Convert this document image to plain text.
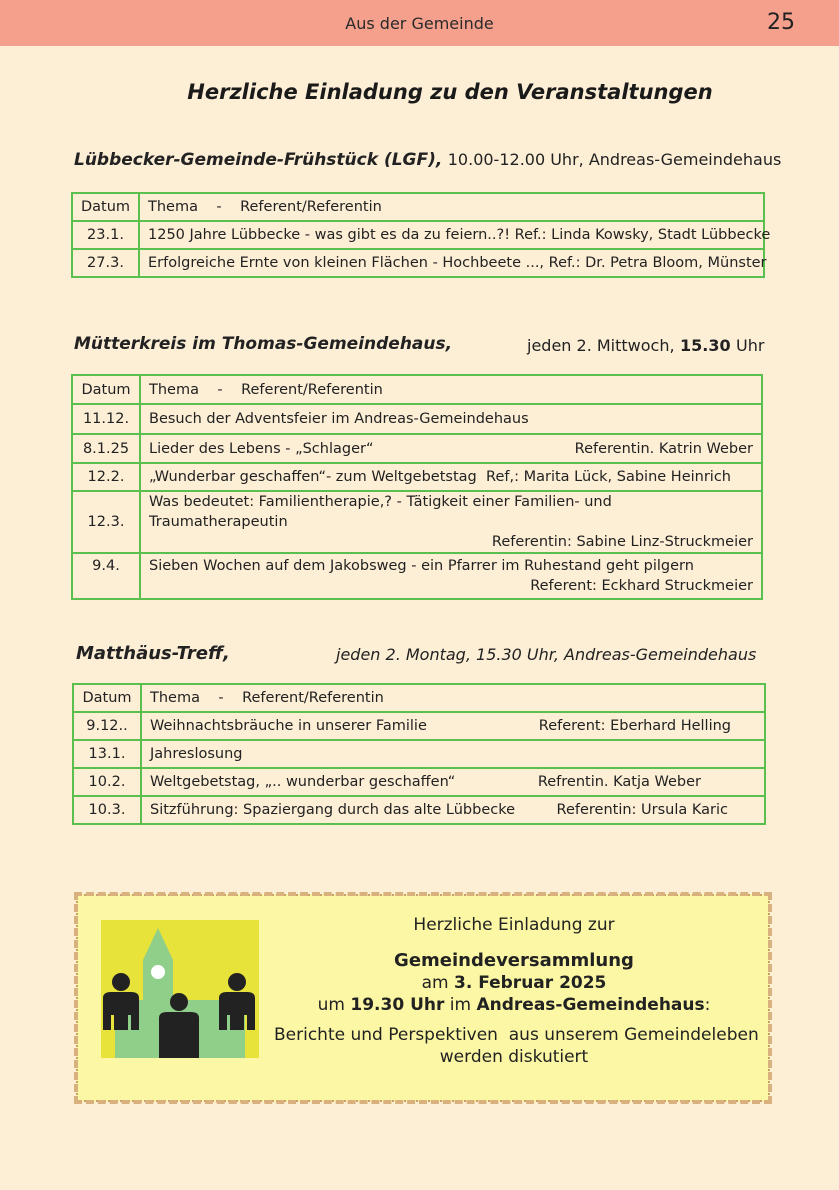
Aus der Gemeinde	25
Herzliche Einladung zu den Veranstaltungen
Lübbecker-Gemeinde-Frühstück (LGF), 10.00-12.00 Uhr, Andreas-Gemeindehaus
Datum	Thema    -    Referent/Referentin
23.1.	1250 Jahre Lübbecke - was gibt es da zu feiern..?! Ref.: Linda Kowsky, Stadt Lübbecke
27.3.	Erfolgreiche Ernte von kleinen Flächen - Hochbeete ..., Ref.: Dr. Petra Bloom, Münster
Mütterkreis im Thomas-Gemeindehaus,	jeden 2. Mittwoch, 15.30 Uhr
Datum	Thema    -    Referent/Referentin
11.12.	Besuch der Adventsfeier im Andreas-Gemeindehaus
8.1.25	Lieder des Lebens - „Schlager“ Referentin. Katrin Weber

12.2.	„Wunderbar geschaffen“- zum Weltgebetstag Ref,: Marita Lück, Sabine Heinrich

12.3.	Was bedeutet: Familientherapie,? - Tätigkeit einer Familien- und Traumatherapeutin
Referentin: Sabine Linz-Struckmeier

9.4.	Sieben Wochen auf dem Jakobsweg - ein Pfarrer im Ruhestand geht pilgern
Referent: Eckhard Struckmeier
Matthäus-Treff,	jeden 2. Montag, 15.30 Uhr, Andreas-Gemeindehaus
Datum	Thema    -    Referent/Referentin
9.12..	Weihnachtsbräuche in unserer Familie Referent: Eberhard Helling

13.1.	Jahreslosung
10.2.	Weltgebetstag, „.. wunderbar geschaffen“ Refrentin. Katja Weber

10.3.	Sitzführung: Spaziergang durch das alte Lübbecke Referentin: Ursula Karic
Herzliche Einladung zur
Gemeindeversammlung
am 3. Februar 2025
um 19.30 Uhr im Andreas-Gemeindehaus:
Berichte und Perspektiven  aus unserem Gemeindeleben
werden diskutiert
